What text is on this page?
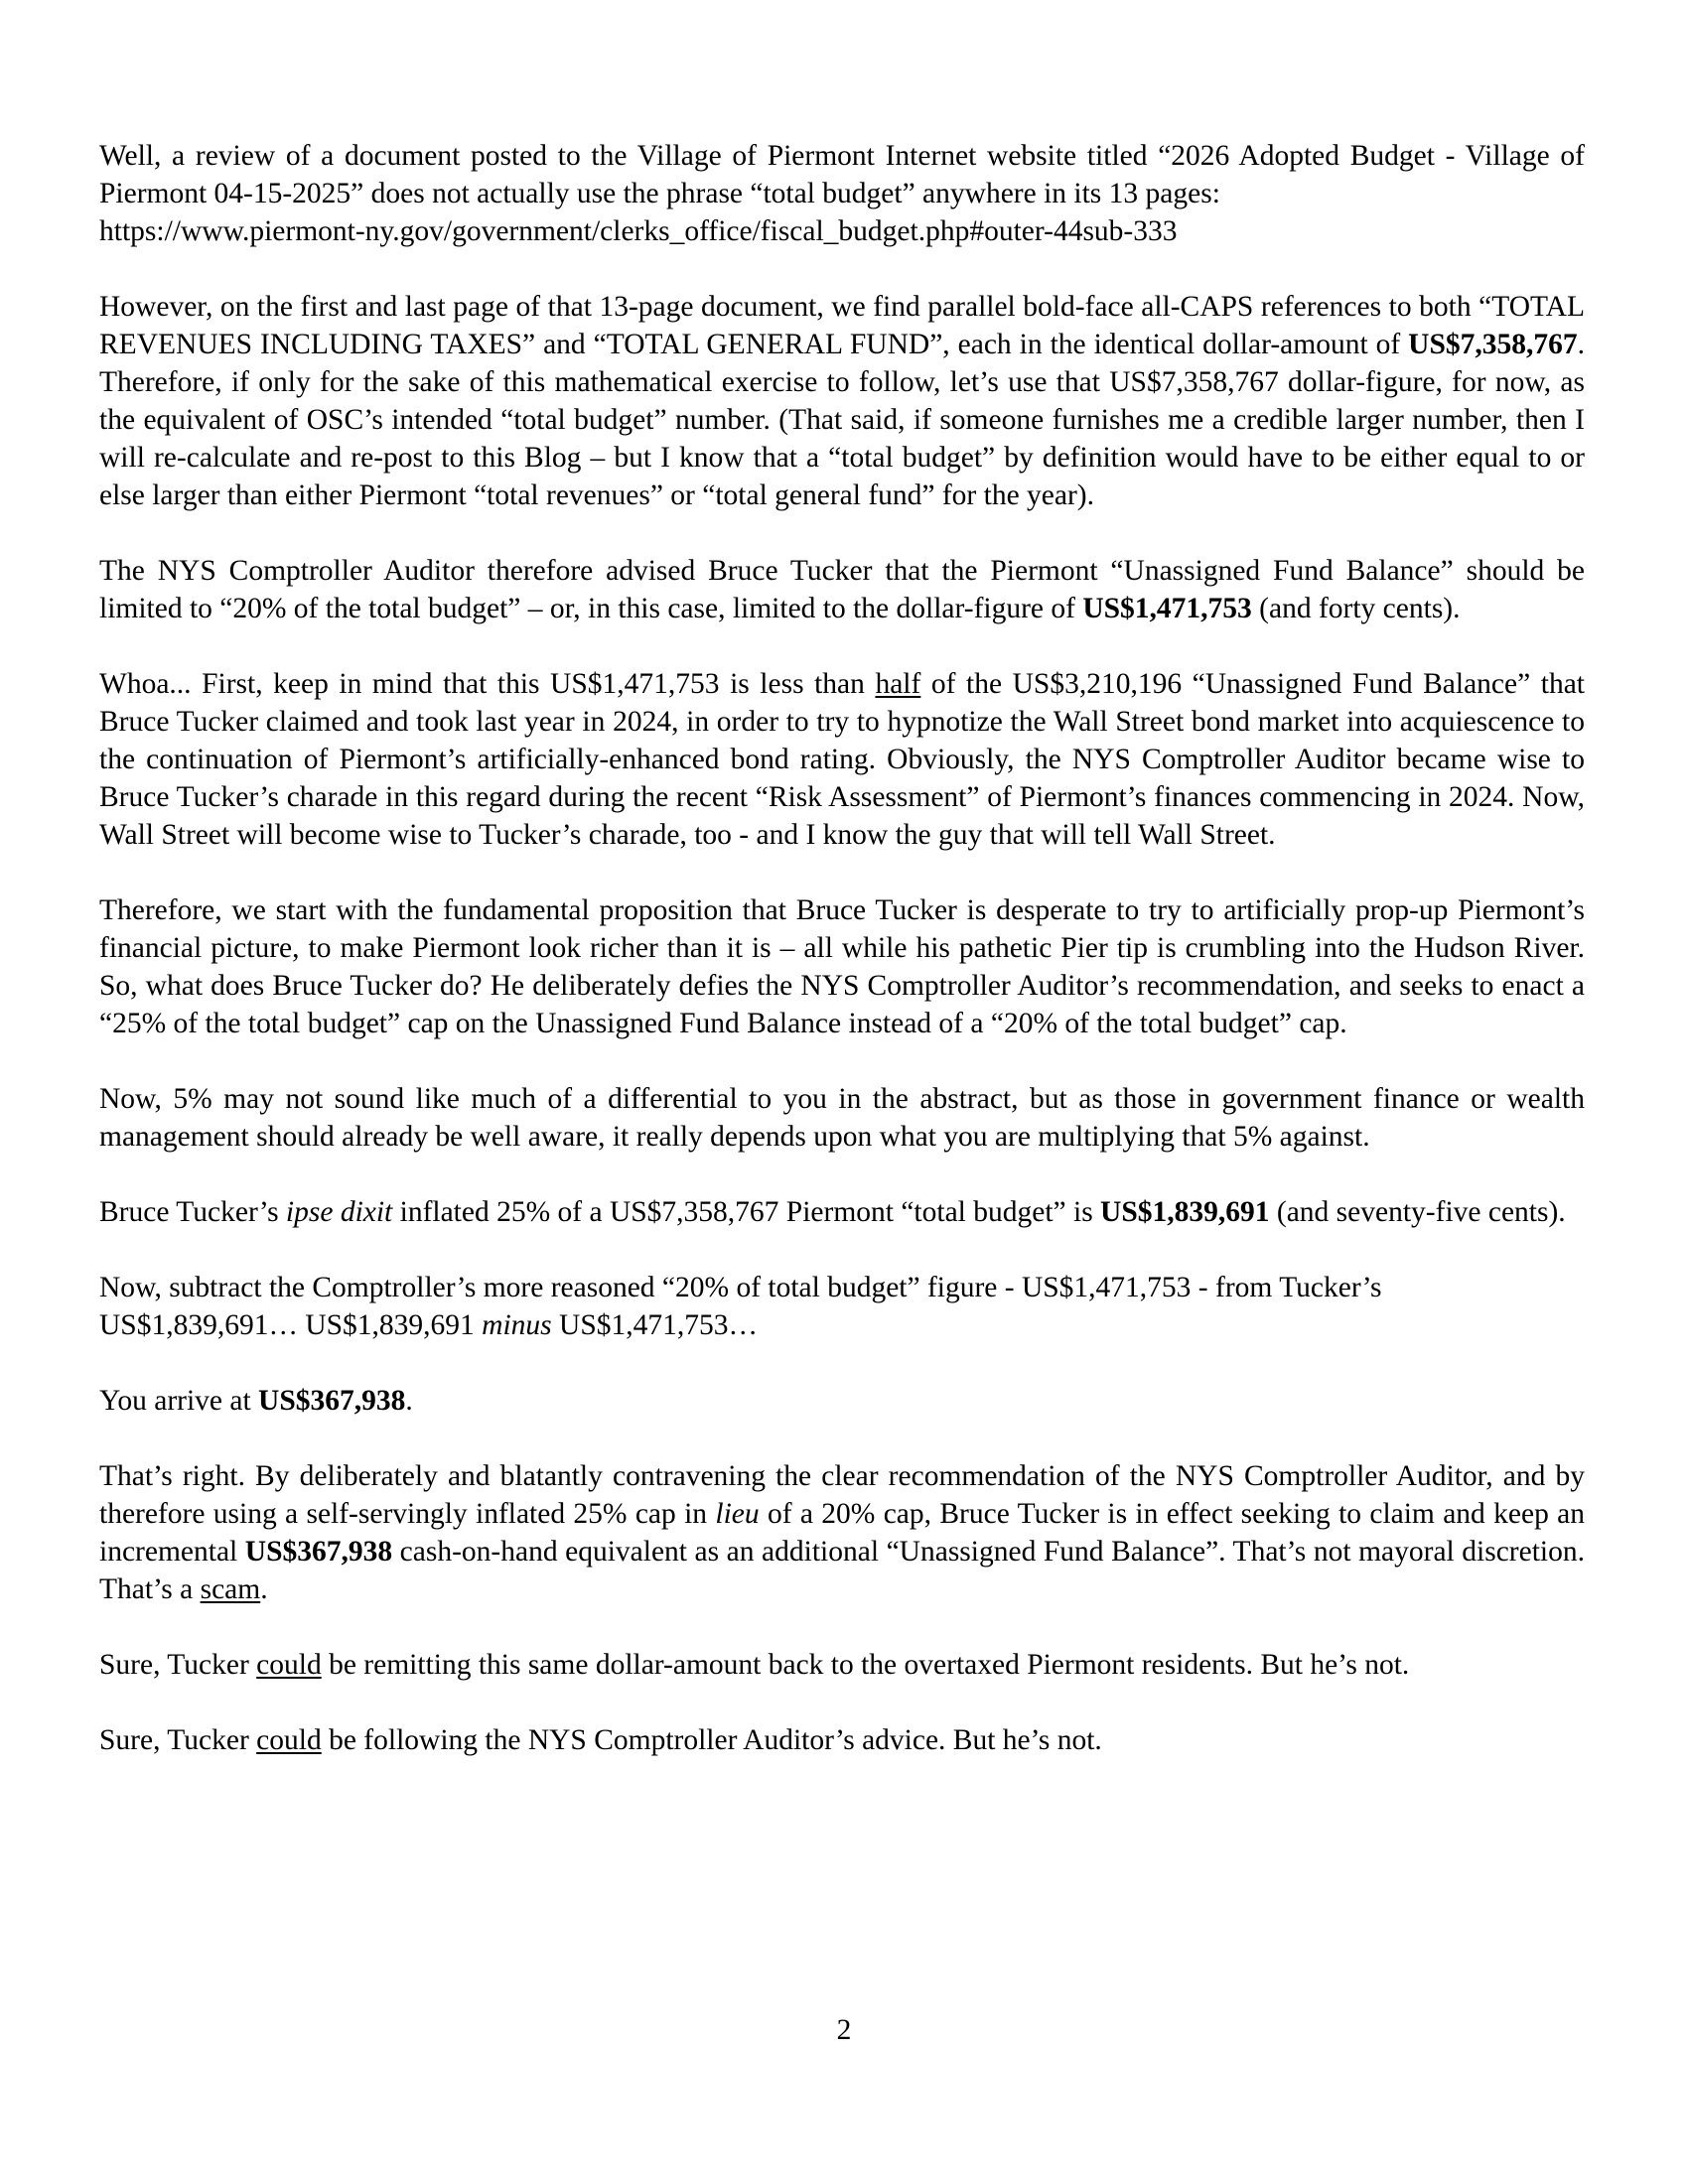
Well, a review of a document posted to the Village of Piermont Internet website titled “2026 Adopted Budget - Village of Piermont 04-15-2025” does not actually use the phrase “total budget” anywhere in its 13 pages:
https://www.piermont-ny.gov/government/clerks_office/fiscal_budget.php#outer-44sub-333

However, on the first and last page of that 13-page document, we find parallel bold-face all-CAPS references to both “TOTAL REVENUES INCLUDING TAXES” and “TOTAL GENERAL FUND”, each in the identical dollar-amount of US$7,358,767. Therefore, if only for the sake of this mathematical exercise to follow, let’s use that US$7,358,767 dollar-figure, for now, as the equivalent of OSC’s intended “total budget” number. (That said, if someone furnishes me a credible larger number, then I will re-calculate and re-post to this Blog – but I know that a “total budget” by definition would have to be either equal to or else larger than either Piermont “total revenues” or “total general fund” for the year).

The NYS Comptroller Auditor therefore advised Bruce Tucker that the Piermont “Unassigned Fund Balance” should be limited to “20% of the total budget” – or, in this case, limited to the dollar-figure of US$1,471,753 (and forty cents).

Whoa... First, keep in mind that this US$1,471,753 is less than half of the US$3,210,196 “Unassigned Fund Balance” that Bruce Tucker claimed and took last year in 2024, in order to try to hypnotize the Wall Street bond market into acquiescence to the continuation of Piermont’s artificially-enhanced bond rating. Obviously, the NYS Comptroller Auditor became wise to Bruce Tucker’s charade in this regard during the recent “Risk Assessment” of Piermont’s finances commencing in 2024. Now, Wall Street will become wise to Tucker’s charade, too - and I know the guy that will tell Wall Street.

Therefore, we start with the fundamental proposition that Bruce Tucker is desperate to try to artificially prop-up Piermont’s financial picture, to make Piermont look richer than it is – all while his pathetic Pier tip is crumbling into the Hudson River. So, what does Bruce Tucker do? He deliberately defies the NYS Comptroller Auditor’s recommendation, and seeks to enact a “25% of the total budget” cap on the Unassigned Fund Balance instead of a “20% of the total budget” cap.

Now, 5% may not sound like much of a differential to you in the abstract, but as those in government finance or wealth management should already be well aware, it really depends upon what you are multiplying that 5% against.

Bruce Tucker’s ipse dixit inflated 25% of a US$7,358,767 Piermont “total budget” is US$1,839,691 (and seventy-five cents).

Now, subtract the Comptroller’s more reasoned “20% of total budget” figure - US$1,471,753 - from Tucker’s US$1,839,691… US$1,839,691 minus US$1,471,753…

You arrive at US$367,938.

That’s right. By deliberately and blatantly contravening the clear recommendation of the NYS Comptroller Auditor, and by therefore using a self-servingly inflated 25% cap in lieu of a 20% cap, Bruce Tucker is in effect seeking to claim and keep an incremental US$367,938 cash-on-hand equivalent as an additional “Unassigned Fund Balance”. That’s not mayoral discretion. That’s a scam.

Sure, Tucker could be remitting this same dollar-amount back to the overtaxed Piermont residents. But he’s not.

Sure, Tucker could be following the NYS Comptroller Auditor’s advice. But he’s not.

2
